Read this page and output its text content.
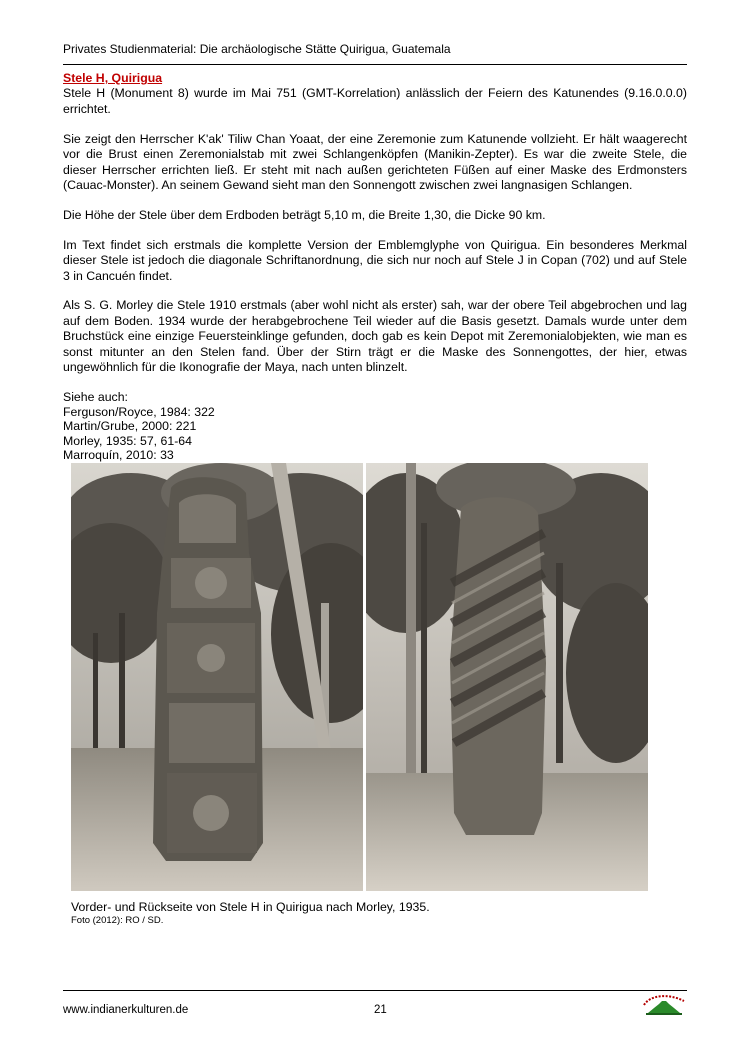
Privates Studienmaterial: Die archäologische Stätte Quirigua, Guatemala
Stele H, Quirigua

Stele H (Monument 8) wurde im Mai 751 (GMT-Korrelation) anlässlich der Feiern des Katunendes (9.16.0.0.0) errichtet.

Sie zeigt den Herrscher K'ak' Tiliw Chan Yoaat, der eine Zeremonie zum Katunende vollzieht. Er hält waagerecht vor die Brust einen Zeremonialstab mit zwei Schlangenköpfen (Manikin-Zepter). Es war die zweite Stele, die dieser Herrscher errichten ließ. Er steht mit nach außen gerichteten Füßen auf einer Maske des Erdmonsters (Cauac-Monster). An seinem Gewand sieht man den Sonnengott zwischen zwei langnasigen Schlangen.

Die Höhe der Stele über dem Erdboden beträgt 5,10 m, die Breite 1,30, die Dicke 90 km.

Im Text findet sich erstmals die komplette Version der Emblemglyphe von Quirigua. Ein besonderes Merkmal dieser Stele ist jedoch die diagonale Schriftanordnung, die sich nur noch auf Stele J in Copan (702) und auf Stele 3 in Cancuén findet.

Als S. G. Morley die Stele 1910 erstmals (aber wohl nicht als erster) sah, war der obere Teil abgebrochen und lag auf dem Boden. 1934 wurde der herabgebrochene Teil wieder auf die Basis gesetzt. Damals wurde unter dem Bruchstück eine einzige Feuersteinklinge gefunden, doch gab es kein Depot mit Zeremonialobjekten, wie man es sonst mitunter an den Stelen fand. Über der Stirn trägt er die Maske des Sonnengottes, der hier, etwas ungewöhnlich für die Ikonografie der Maya, nach unten blinzelt.

Siehe auch:
Ferguson/Royce, 1984: 322
Martin/Grube, 2000: 221
Morley, 1935: 57, 61-64
Marroquín, 2010: 33
Vorder- und Rückseite von Stele H in Quirigua nach Morley, 1935.
Foto (2012): RO / SD.
www.indianerkulturen.de	21
